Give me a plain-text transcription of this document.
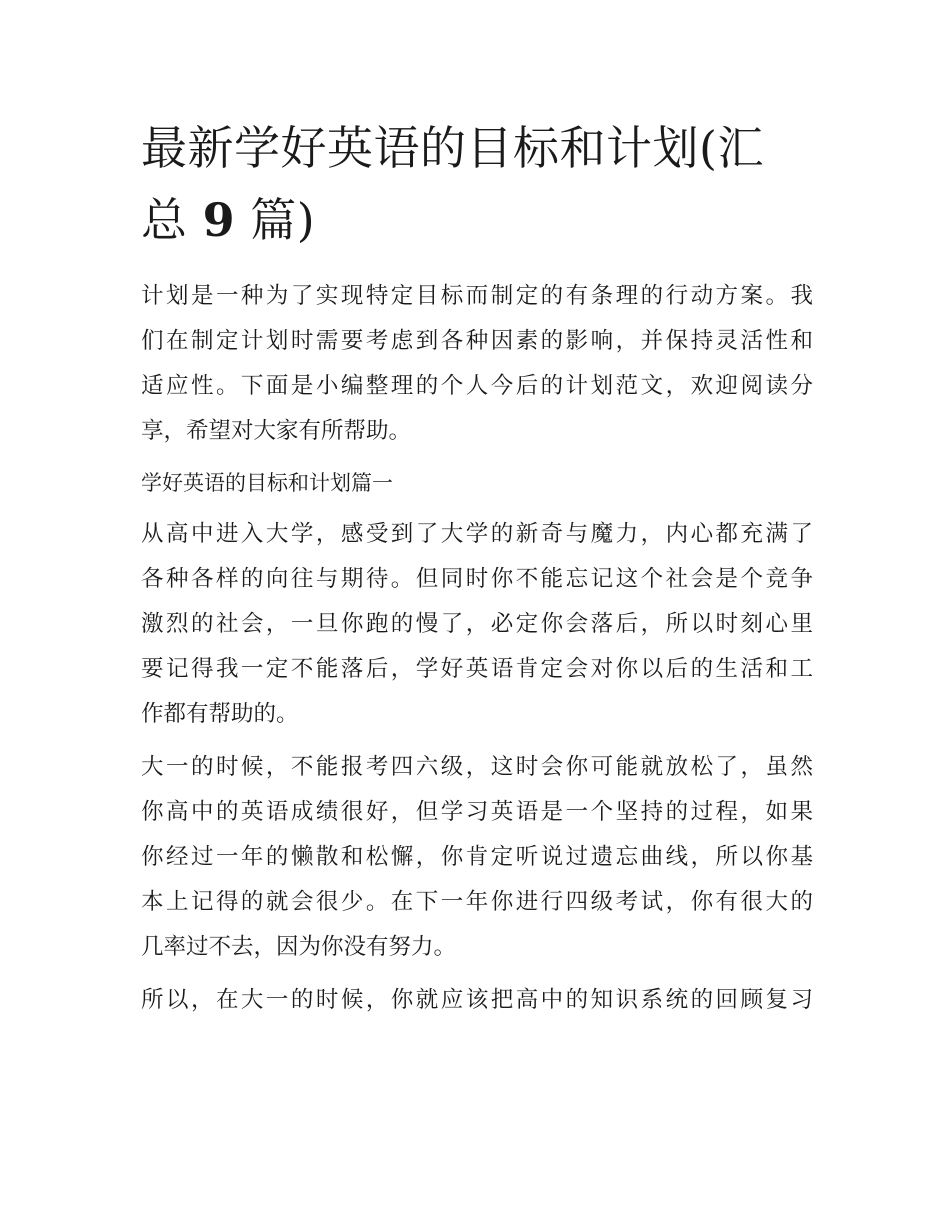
最新学好英语的目标和计划(汇
总 9 篇)
计划是一种为了实现特定目标而制定的有条理的行动方案。我
们在制定计划时需要考虑到各种因素的影响，并保持灵活性和
适应性。下面是小编整理的个人今后的计划范文，欢迎阅读分
享，希望对大家有所帮助。
学好英语的目标和计划篇一
从高中进入大学，感受到了大学的新奇与魔力，内心都充满了
各种各样的向往与期待。但同时你不能忘记这个社会是个竞争
激烈的社会，一旦你跑的慢了，必定你会落后，所以时刻心里
要记得我一定不能落后，学好英语肯定会对你以后的生活和工
作都有帮助的。
大一的时候，不能报考四六级，这时会你可能就放松了，虽然
你高中的英语成绩很好，但学习英语是一个坚持的过程，如果
你经过一年的懒散和松懈，你肯定听说过遗忘曲线，所以你基
本上记得的就会很少。在下一年你进行四级考试，你有很大的
几率过不去，因为你没有努力。
所以，在大一的时候，你就应该把高中的知识系统的回顾复习
